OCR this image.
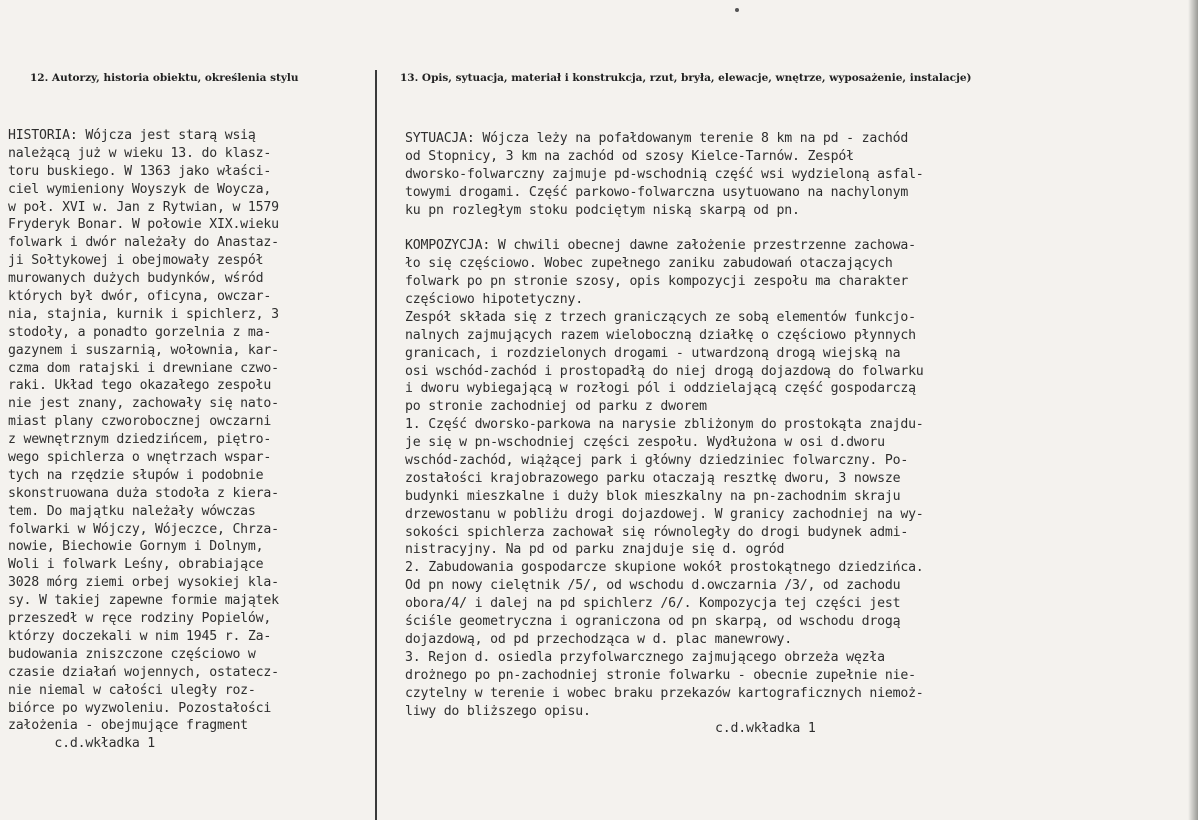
12. Autorzy, historia obiektu, określenia stylu	13. Opis, sytuacja, materiał i konstrukcja, rzut, bryła, elewacje, wnętrze, wyposażenie, instalacje)
HISTORIA: Wójcza jest starą wsią
należącą już w wieku 13. do klasz-
toru buskiego. W 1363 jako właści-
ciel wymieniony Woyszyk de Woycza,
w poł. XVI w. Jan z Rytwian, w 1579
Fryderyk Bonar. W połowie XIX.wieku
folwark i dwór należały do Anastaz-
ji Sołtykowej i obejmowały zespół
murowanych dużych budynków, wśród
których był dwór, oficyna, owczar-
nia, stajnia, kurnik i spichlerz, 3
stodoły, a ponadto gorzelnia z ma-
gazynem i suszarnią, wołownia, kar-
czma dom ratajski i drewniane czwo-
raki. Układ tego okazałego zespołu
nie jest znany, zachowały się nato-
miast plany czworobocznej owczarni
z wewnętrznym dziedzińcem, piętro-
wego spichlerza o wnętrzach wspar-
tych na rzędzie słupów i podobnie
skonstruowana duża stodoła z kiera-
tem. Do majątku należały wówczas
folwarki w Wójczy, Wójeczce, Chrza-
nowie, Biechowie Gornym i Dolnym,
Woli i folwark Leśny, obrabiające
3028 mórg ziemi orbej wysokiej kla-
sy. W takiej zapewne formie majątek
przeszedł w ręce rodziny Popielów,
którzy doczekali w nim 1945 r. Za-
budowania zniszczone częściowo w
czasie działań wojennych, ostatecz-
nie niemal w całości uległy roz-
biórce po wyzwoleniu. Pozostałości
założenia - obejmujące fragment
c.d.wkładka 1
SYTUACJA: Wójcza leży na pofałdowanym terenie 8 km na pd - zachód
od Stopnicy, 3 km na zachód od szosy Kielce-Tarnów. Zespół
dworsko-folwarczny zajmuje pd-wschodnią część wsi wydzieloną asfal-
towymi drogami. Część parkowo-folwarczna usytuowano na nachylonym
ku pn rozległym stoku podciętym niską skarpą od pn.
KOMPOZYCJA: W chwili obecnej dawne założenie przestrzenne zachowa-
ło się częściowo. Wobec zupełnego zaniku zabudowań otaczających
folwark po pn stronie szosy, opis kompozycji zespołu ma charakter
częściowo hipotetyczny.
Zespół składa się z trzech graniczących ze sobą elementów funkcjo-
nalnych zajmujących razem wieloboczną działkę o częściowo płynnych
granicach, i rozdzielonych drogami - utwardzoną drogą wiejską na
osi wschód-zachód i prostopadłą do niej drogą dojazdową do folwarku
i dworu wybiegającą w rozłogi pól i oddzielającą część gospodarczą
po stronie zachodniej od parku z dworem
1. Część dworsko-parkowa na narysie zbliżonym do prostokąta znajdu-
je się w pn-wschodniej części zespołu. Wydłużona w osi d.dworu
wschód-zachód, wiążącej park i główny dziedziniec folwarczny. Po-
zostałości krajobrazowego parku otaczają resztkę dworu, 3 nowsze
budynki mieszkalne i duży blok mieszkalny na pn-zachodnim skraju
drzewostanu w pobliżu drogi dojazdowej. W granicy zachodniej na wy-
sokości spichlerza zachował się równoległy do drogi budynek admi-
nistracyjny. Na pd od parku znajduje się d. ogród
2. Zabudowania gospodarcze skupione wokół prostokątnego dziedzińca.
Od pn nowy cielętnik /5/, od wschodu d.owczarnia /3/, od zachodu
obora/4/ i dalej na pd spichlerz /6/. Kompozycja tej części jest
ściśle geometryczna i ograniczona od pn skarpą, od wschodu drogą
dojazdową, od pd przechodząca w d. plac manewrowy.
3. Rejon d. osiedla przyfolwarcznego zajmującego obrzeża węzła
drożnego po pn-zachodniej stronie folwarku - obecnie zupełnie nie-
czytelny w terenie i wobec braku przekazów kartograficznych niemoż-
liwy do bliższego opisu.
c.d.wkładka 1
